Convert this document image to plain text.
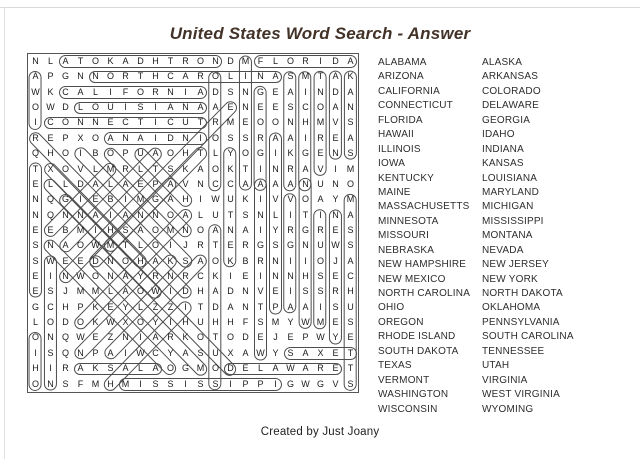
United States Word Search - Answer
N	L	A	T O K A D H	T	R O N D M F	L O R	I	D A
A P G N N O R	T	H C A R O L	I	N A S M T	A K
W K C A	L	I	F O R N	I	A D S N G E A	I	N D A
O W D	L O U	I	S	I	A N A A E N E E S C O A N
I	C O N N E C	T	I	C U	T	R M E O O N H M V S
R E P X O A N A	I	D N	I	O S S R A A	I	R E A
Q H O	I	B O P U A O H	T	L	Y O G	I	K G E N S
T	X O V	L M R	L	T	S K A O K	T	I	N R A V	I	M
E	L	L	D A	L	A E P A V N C C A A A A N U N O
N Q G	I	E B	I	M G A H	I	W U K	I	V V O A Y M
N Q N N A	I	A N N O A	L	U	T	S N	L	I	T	I	N A
E E B M	I	H S A O M N O A N A	I	Y R G R E S
S N A O W M T	L O	I	J	R	T	E R G S G N U W S
S W E E D N O H A K S A O K B R N	I	I	O	J	A
E	I	N W O N A Y R N R C K	I	E	I	N N H S E C
E S	J	M M L	A O W	I	D H A D N V E	I	S S R H
G C H P K E Y	L	Z	Z	I	T	D A N	T	P A A	I	S U
L O D O K W X O Y	I	H U H H	F	S M Y W M E S
O N Q W E	Z	N	I	A R K O T O D E	J	E P W Y E
I	S Q N P A	I	W C Y A S U X A W Y S A X E	T
H	I	R A K S A	L	A O G M O D E	L	A W A R E	T
O N S	F M H M	I	S S	I	S S	I	P P	I	G W G V S
ALABAMA
ARIZONA
CALIFORNIA
CONNECTICUT
FLORIDA
HAWAII
ILLINOIS
IOWA
KENTUCKY
MAINE
MASSACHUSETTS
MINNESOTA
MISSOURI
NEBRASKA
NEW HAMPSHIRE
NEW MEXICO
NORTH CAROLINA
OHIO
OREGON
RHODE ISLAND
SOUTH DAKOTA
TEXAS
VERMONT
WASHINGTON
WISCONSIN
ALASKA
ARKANSAS
COLORADO
DELAWARE
GEORGIA
IDAHO
INDIANA
KANSAS
LOUISIANA
MARYLAND
MICHIGAN
MISSISSIPPI
MONTANA
NEVADA
NEW JERSEY
NEW YORK
NORTH DAKOTA
OKLAHOMA
PENNSYLVANIA
SOUTH CAROLINA
TENNESSEE
UTAH
VIRGINIA
WEST VIRGINIA
WYOMING
Created by Just Joany
